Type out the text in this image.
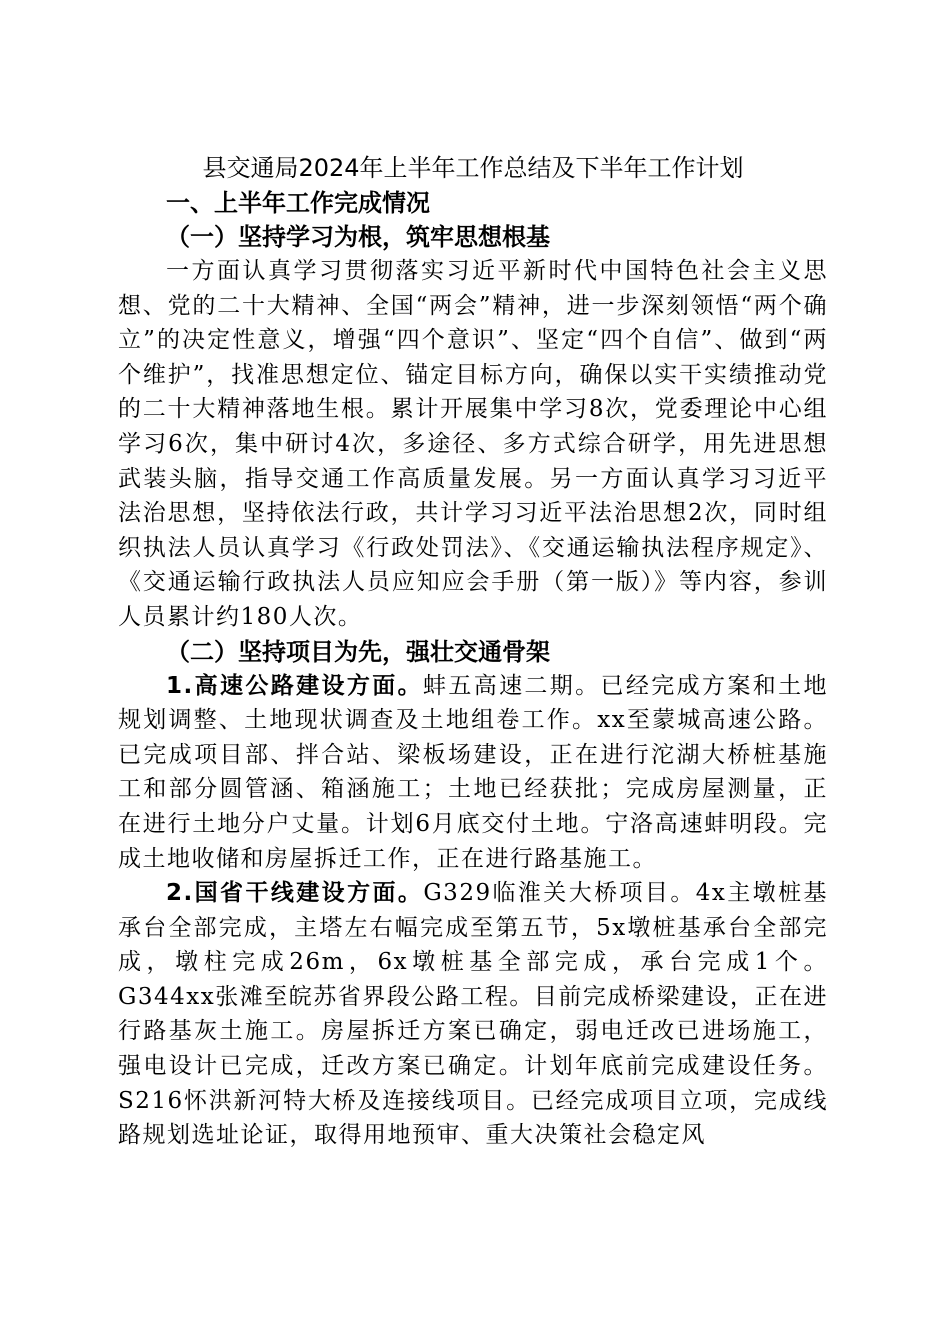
县交通局2024年上半年工作总结及下半年工作计划

一、上半年工作完成情况

（一）坚持学习为根，筑牢思想根基

一方面认真学习贯彻落实习近平新时代中国特色社会主义思想、党的二十大精神、全国“两会”精神，进一步深刻领悟“两个确立”的决定性意义，增强“四个意识”、坚定“四个自信”、做到“两个维护”，找准思想定位、锚定目标方向，确保以实干实绩推动党的二十大精神落地生根。累计开展集中学习8次，党委理论中心组学习6次，集中研讨4次，多途径、多方式综合研学，用先进思想武装头脑，指导交通工作高质量发展。另一方面认真学习习近平法治思想，坚持依法行政，共计学习习近平法治思想2次，同时组织执法人员认真学习《行政处罚法》、《交通运输执法程序规定》、《交通运输行政执法人员应知应会手册（第一版）》等内容，参训人员累计约180人次。

（二）坚持项目为先，强壮交通骨架

1.高速公路建设方面。蚌五高速二期。已经完成方案和土地规划调整、土地现状调查及土地组卷工作。xx至蒙城高速公路。已完成项目部、拌合站、梁板场建设，正在进行沱湖大桥桩基施工和部分圆管涵、箱涵施工；土地已经获批；完成房屋测量，正在进行土地分户丈量。计划6月底交付土地。宁洛高速蚌明段。完成土地收储和房屋拆迁工作，正在进行路基施工。

2.国省干线建设方面。G329临淮关大桥项目。4x主墩桩基承台全部完成，主塔左右幅完成至第五节，5x墩桩基承台全部完成，墩柱完成26m，6x墩桩基全部完成，承台完成1个。G344xx张滩至皖苏省界段公路工程。目前完成桥梁建设，正在进行路基灰土施工。房屋拆迁方案已确定，弱电迁改已进场施工，强电设计已完成，迁改方案已确定。计划年底前完成建设任务。S216怀洪新河特大桥及连接线项目。已经完成项目立项，完成线路规划选址论证，取得用地预审、重大决策社会稳定风
